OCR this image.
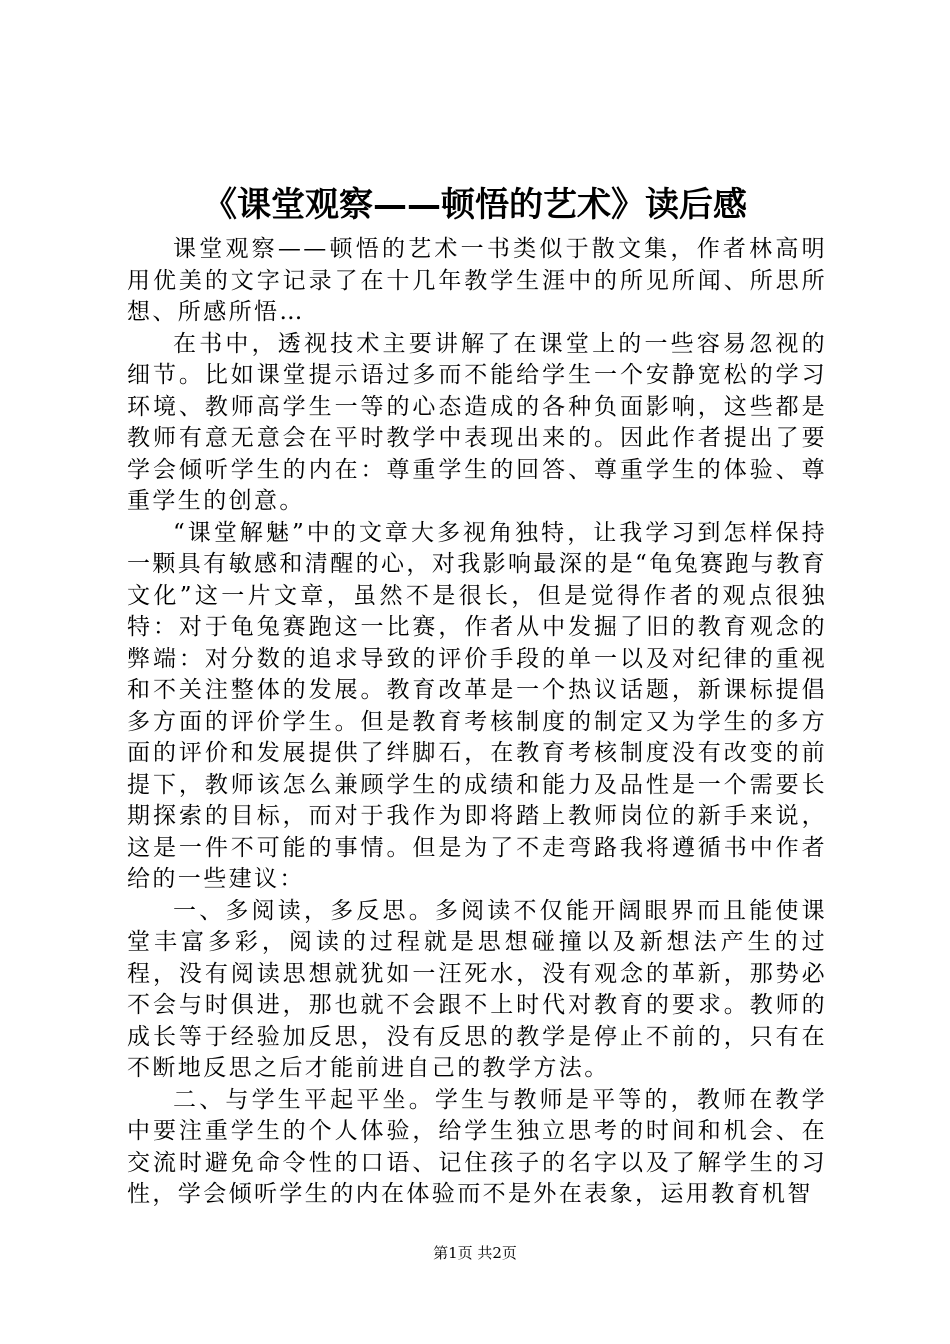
《课堂观察——顿悟的艺术》读后感

课堂观察——顿悟的艺术一书类似于散文集，作者林高明用优美的文字记录了在十几年教学生涯中的所见所闻、所思所想、所感所悟…

在书中，透视技术主要讲解了在课堂上的一些容易忽视的细节。比如课堂提示语过多而不能给学生一个安静宽松的学习环境、教师高学生一等的心态造成的各种负面影响，这些都是教师有意无意会在平时教学中表现出来的。因此作者提出了要学会倾听学生的内在：尊重学生的回答、尊重学生的体验、尊重学生的创意。

“课堂解魅”中的文章大多视角独特，让我学习到怎样保持一颗具有敏感和清醒的心，对我影响最深的是“龟兔赛跑与教育文化”这一片文章，虽然不是很长，但是觉得作者的观点很独特：对于龟兔赛跑这一比赛，作者从中发掘了旧的教育观念的弊端：对分数的追求导致的评价手段的单一以及对纪律的重视和不关注整体的发展。教育改革是一个热议话题，新课标提倡多方面的评价学生。但是教育考核制度的制定又为学生的多方面的评价和发展提供了绊脚石，在教育考核制度没有改变的前提下，教师该怎么兼顾学生的成绩和能力及品性是一个需要长期探索的目标，而对于我作为即将踏上教师岗位的新手来说，这是一件不可能的事情。但是为了不走弯路我将遵循书中作者给的一些建议：

一、多阅读，多反思。多阅读不仅能开阔眼界而且能使课堂丰富多彩，阅读的过程就是思想碰撞以及新想法产生的过程，没有阅读思想就犹如一汪死水，没有观念的革新，那势必不会与时俱进，那也就不会跟不上时代对教育的要求。教师的成长等于经验加反思，没有反思的教学是停止不前的，只有在不断地反思之后才能前进自己的教学方法。

二、与学生平起平坐。学生与教师是平等的，教师在教学中要注重学生的个人体验，给学生独立思考的时间和机会、在交流时避免命令性的口语、记住孩子的名字以及了解学生的习性，学会倾听学生的内在体验而不是外在表象，运用教育机智

第1页 共2页
